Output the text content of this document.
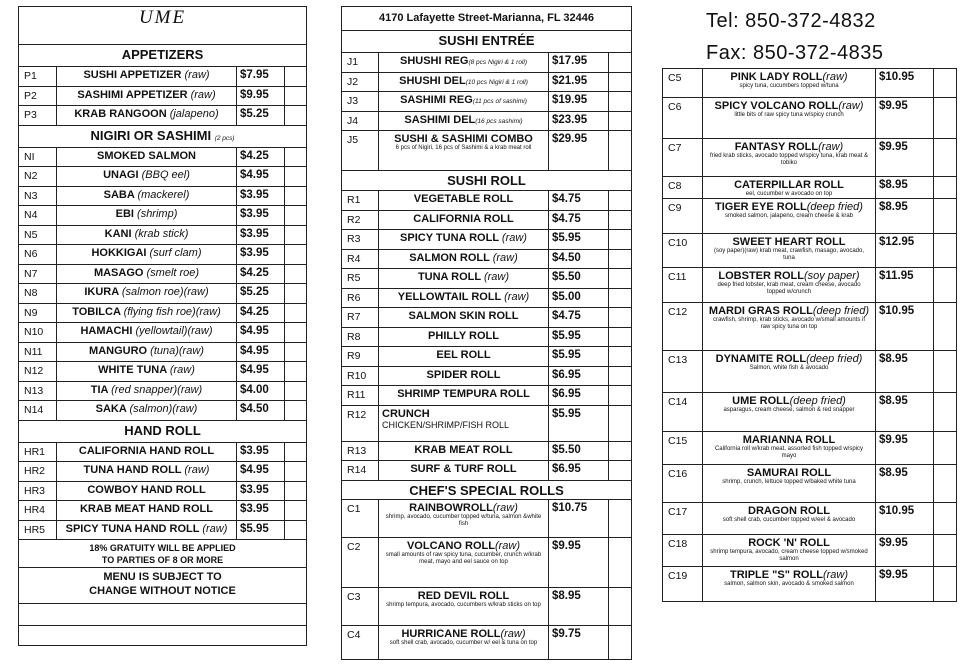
UME			
APPETIZERS			
P1	SUSHI APPETIZER (raw)	$7.95	
P2	SASHIMI APPETIZER (raw)	$9.95	
P3	KRAB RANGOON (jalapeno)	$5.25	
NIGIRI OR SASHIMI (2 pcs)			
NI	SMOKED SALMON	$4.25	
N2	UNAGI (BBQ eel)	$4.95	
N3	SABA (mackerel)	$3.95	
N4	EBI (shrimp)	$3.95	
N5	KANI (krab stick)	$3.95	
N6	HOKKIGAI (surf clam)	$3.95	
N7	MASAGO (smelt roe)	$4.25	
N8	IKURA (salmon roe)(raw)	$5.25	
N9	TOBILCA (flying fish roe)(raw)	$4.25	
N10	HAMACHI (yellowtail)(raw)	$4.95	
N11	MANGURO (tuna)(raw)	$4.95	
N12	WHITE TUNA (raw)	$4.95	
N13	TIA (red snapper)(raw)	$4.00	
N14	SAKA (salmon)(raw)	$4.50	
HAND ROLL			
HR1	CALIFORNIA HAND ROLL	$3.95	
HR2	TUNA HAND ROLL (raw)	$4.95	
HR3	COWBOY HAND ROLL	$3.95	
HR4	KRAB MEAT HAND ROLL	$3.95	
HR5	SPICY TUNA HAND ROLL (raw)	$5.95	
18% GRATUITY WILL BE APPLIED
TO PARTIES OF 8 OR MORE			
MENU IS SUBJECT TO
CHANGE WITHOUT NOTICE			

4170 Lafayette Street-Marianna, FL 32446			
SUSHI ENTRÉE			
J1	SHUSHI REG(8 pcs Nigiri & 1 roll)	$17.95	
J2	SHUSHI DEL(10 pcs Nigiri & 1 roll)	$21.95	
J3	SASHIMI REG(11 pcs of sashimi)	$19.95	
J4	SASHIMI DEL(16 pcs sashimi)	$23.95	
J5	SUSHI & SASHIMI COMBO
6 pcs of Nigiri, 16 pcs of Sashimi & a krab meat roll	$29.95	
SUSHI ROLL			
R1	VEGETABLE ROLL	$4.75	
R2	CALIFORNIA ROLL	$4.75	
R3	SPICY TUNA ROLL (raw)	$5.95	
R4	SALMON ROLL (raw)	$4.50	
R5	TUNA ROLL (raw)	$5.50	
R6	YELLOWTAIL ROLL (raw)	$5.00	
R7	SALMON SKIN ROLL	$4.75	
R8	PHILLY ROLL	$5.95	
R9	EEL ROLL	$5.95	
R10	SPIDER ROLL	$6.95	
R11	SHRIMP TEMPURA ROLL	$6.95	
R12	CRUNCH
CHICKEN/SHRIMP/FISH ROLL	$5.95	
R13	KRAB MEAT ROLL	$5.50	
R14	SURF & TURF ROLL	$6.95	
CHEF'S SPECIAL ROLLS			
C1	RAINBOWROLL(raw)
shrimp, avocado, cucumber topped w/tuna, salmon &white fish	$10.75	
C2	VOLCANO ROLL(raw)
small amounts of raw spicy tuna, cucumber, crunch w/krab meat, mayo and eel sauce on top	$9.95	
C3	RED DEVIL ROLL
shrimp tempura, avocado, cucumbers w/krab sticks on top	$8.95	
C4	HURRICANE ROLL(raw)
soft shell crab, avocado, cucumber w/ eel & tuna on top	$9.75	
Tel: 850-372-4832
Fax: 850-372-4835
C5	PINK LADY ROLL(raw)
spicy tuna, cucumbers topped w/tuna	$10.95	
C6	SPICY VOLCANO ROLL(raw)
little bits of raw spicy tuna w/spicy crunch	$9.95	
C7	FANTASY ROLL(raw)
fried krab sticks, avocado topped w/spicy tuna, krab meat & tobiko	$9.95	
C8	CATERPILLAR ROLL
eel, cucumber w avocado on top	$8.95	
C9	TIGER EYE ROLL(deep fried)
smoked salmon, jalapeno, cream cheese & krab	$8.95	
C10	SWEET HEART ROLL
(soy paper)(raw) krab meat, crawfish, masago, avocado, tuna	$12.95	
C11	LOBSTER ROLL(soy paper)
deep fried lobster, krab meat, cream cheese, avocado topped w/crunch	$11.95	
C12	MARDI GRAS ROLL(deep fried)
crawfish, shrimp, krab sticks, avocado w/small amounts if raw spicy tuna on top	$10.95	
C13	DYNAMITE ROLL(deep fried)
Salmon, white fish & avocado	$8.95	
C14	UME ROLL(deep fried)
asparagus, cream cheese, salmon & red snapper	$8.95	
C15	MARIANNA ROLL
California roll w/krab meat, assorted fish topped w/spicy mayo	$9.95	
C16	SAMURAI ROLL
shrimp, crunch, lettuce topped w/baked white tuna	$8.95	
C17	DRAGON ROLL
soft shell crab, cucumber topped w/eel & avocado	$10.95	
C18	ROCK 'N' ROLL
shrimp tempura, avocado, cream cheese topped w/smoked salmon	$9.95	
C19	TRIPLE "S" ROLL(raw)
salmon, salmon skin, avocado & smoked salmon	$9.95	
